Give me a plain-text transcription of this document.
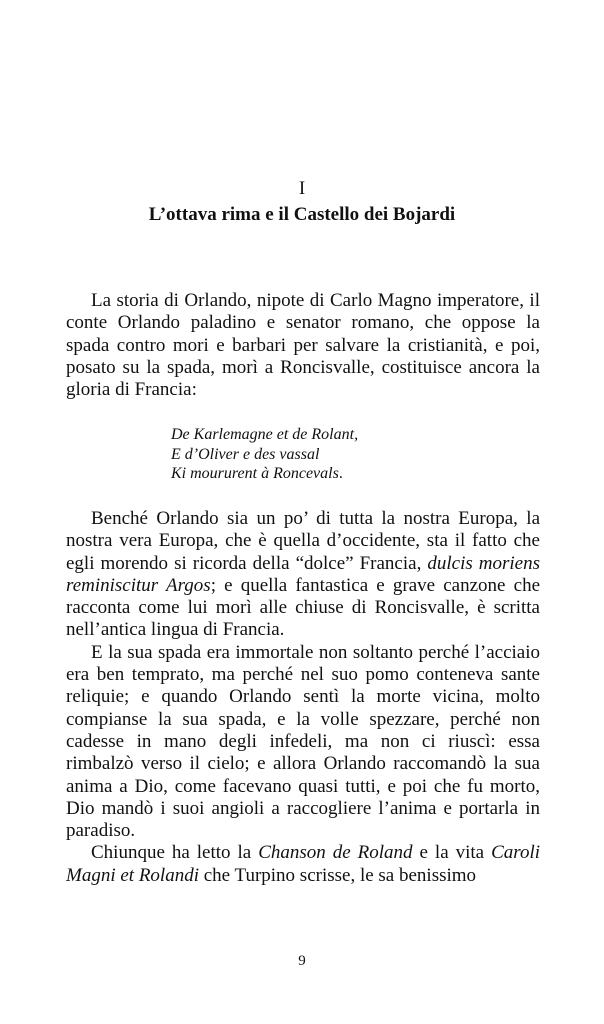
I
L’ottava rima e il Castello dei Bojardi

La storia di Orlando, nipote di Carlo Magno imperatore, il conte Orlando paladino e senator romano, che oppose la spada contro mori e barbari per salvare la cristianità, e poi, posato su la spada, morì a Roncisvalle, costituisce ancora la gloria di Francia:

De Karlemagne et de Rolant,
E d’Oliver e des vassal
Ki moururent à Roncevals.

Benché Orlando sia un po’ di tutta la nostra Europa, la nostra vera Europa, che è quella d’occidente, sta il fatto che egli morendo si ricorda della “dolce” Francia, dulcis moriens reminiscitur Argos; e quella fantastica e grave canzone che racconta come lui morì alle chiuse di Roncisvalle, è scritta nell’antica lingua di Francia.

E la sua spada era immortale non soltanto perché l’acciaio era ben temprato, ma perché nel suo pomo conteneva sante reliquie; e quando Orlando sentì la morte vicina, molto compianse la sua spada, e la volle spezzare, perché non cadesse in mano degli infedeli, ma non ci riuscì: essa rimbalzò verso il cielo; e allora Orlando raccomandò la sua anima a Dio, come facevano quasi tutti, e poi che fu morto, Dio mandò i suoi angioli a raccogliere l’anima e portarla in paradiso.

Chiunque ha letto la Chanson de Roland e la vita Caroli Magni et Rolandi che Turpino scrisse, le sa benissimo

9
